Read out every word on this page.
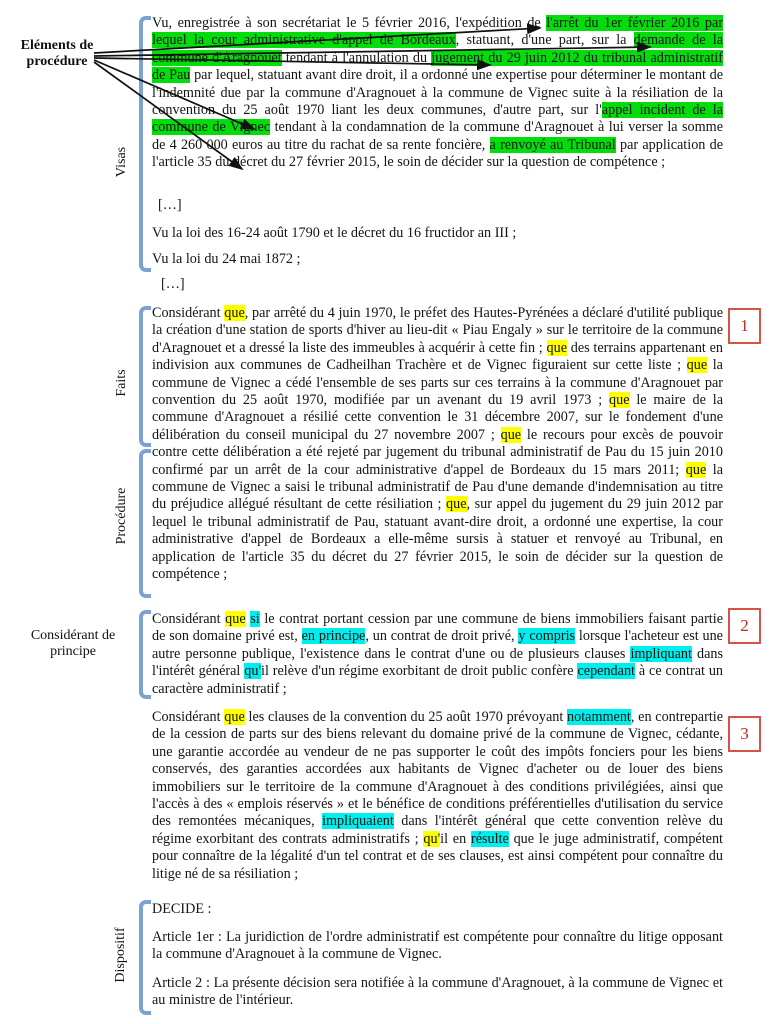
Eléments de procédure
Visas
Faits
Procédure
Considérant de principe
Dispositif
1
2
3

Vu, enregistrée à son secrétariat le 5 février 2016, l'expédition de l'arrêt du 1er février 2016 par lequel la cour administrative d'appel de Bordeaux, statuant, d'une part, sur la demande de la commune d'Aragnouet tendant à l'annulation du jugement du 29 juin 2012 du tribunal administratif de Pau par lequel, statuant avant dire droit, il a ordonné une expertise pour déterminer le montant de l'indemnité due par la commune d'Aragnouet à la commune de Vignec suite à la résiliation de la convention du 25 août 1970 liant les deux communes, d'autre part, sur l'appel incident de la commune de Vignec tendant à la condamnation de la commune d'Aragnouet à lui verser la somme de 4 260 000 euros au titre du rachat de sa rente foncière, a renvoyé au Tribunal par application de l'article 35 du décret du 27 février 2015, le soin de décider sur la question de compétence ;

[…]

Vu la loi des 16-24 août 1790 et le décret du 16 fructidor an III ;

Vu la loi du 24 mai 1872 ;

[…]

Considérant que, par arrêté du 4 juin 1970, le préfet des Hautes-Pyrénées a déclaré d'utilité publique la création d'une station de sports d'hiver au lieu-dit « Piau Engaly » sur le territoire de la commune d'Aragnouet et a dressé la liste des immeubles à acquérir à cette fin ; que des terrains appartenant en indivision aux communes de Cadheilhan Trachère et de Vignec figuraient sur cette liste ; que la commune de Vignec a cédé l'ensemble de ses parts sur ces terrains à la commune d'Aragnouet par convention du 25 août 1970, modifiée par un avenant du 19 avril 1973 ; que le maire de la commune d'Aragnouet a résilié cette convention le 31 décembre 2007, sur le fondement d'une délibération du conseil municipal du 27 novembre 2007 ; que le recours pour excès de pouvoir contre cette délibération a été rejeté par jugement du tribunal administratif de Pau du 15 juin 2010 confirmé par un arrêt de la cour administrative d'appel de Bordeaux du 15 mars 2011; que la commune de Vignec a saisi le tribunal administratif de Pau d'une demande d'indemnisation au titre du préjudice allégué résultant de cette résiliation ; que, sur appel du jugement du 29 juin 2012 par lequel le tribunal administratif de Pau, statuant avant-dire droit, a ordonné une expertise, la cour administrative d'appel de Bordeaux a elle-même sursis à statuer et renvoyé au Tribunal, en application de l'article 35 du décret du 27 février 2015, le soin de décider sur la question de compétence ;

Considérant que si le contrat portant cession par une commune de biens immobiliers faisant partie de son domaine privé est, en principe, un contrat de droit privé, y compris lorsque l'acheteur est une autre personne publique, l'existence dans le contrat d'une ou de plusieurs clauses impliquant dans l'intérêt général qu'il relève d'un régime exorbitant de droit public confère cependant à ce contrat un caractère administratif ;

Considérant que les clauses de la convention du 25 août 1970 prévoyant notamment, en contrepartie de la cession de parts sur des biens relevant du domaine privé de la commune de Vignec, cédante, une garantie accordée au vendeur de ne pas supporter le coût des impôts fonciers pour les biens conservés, des garanties accordées aux habitants de Vignec d'acheter ou de louer des biens immobiliers sur le territoire de la commune d'Aragnouet à des conditions privilégiées, ainsi que l'accès à des « emplois réservés » et le bénéfice de conditions préférentielles d'utilisation du service des remontées mécaniques, impliquaient dans l'intérêt général que cette convention relève du régime exorbitant des contrats administratifs ; qu'il en résulte que le juge administratif, compétent pour connaître de la légalité d'un tel contrat et de ses clauses, est ainsi compétent pour connaître du litige né de sa résiliation ;

DECIDE :

Article 1er : La juridiction de l'ordre administratif est compétente pour connaître du litige opposant la commune d'Aragnouet à la commune de Vignec.

Article 2 : La présente décision sera notifiée à la commune d'Aragnouet, à la commune de Vignec et au ministre de l'intérieur.
